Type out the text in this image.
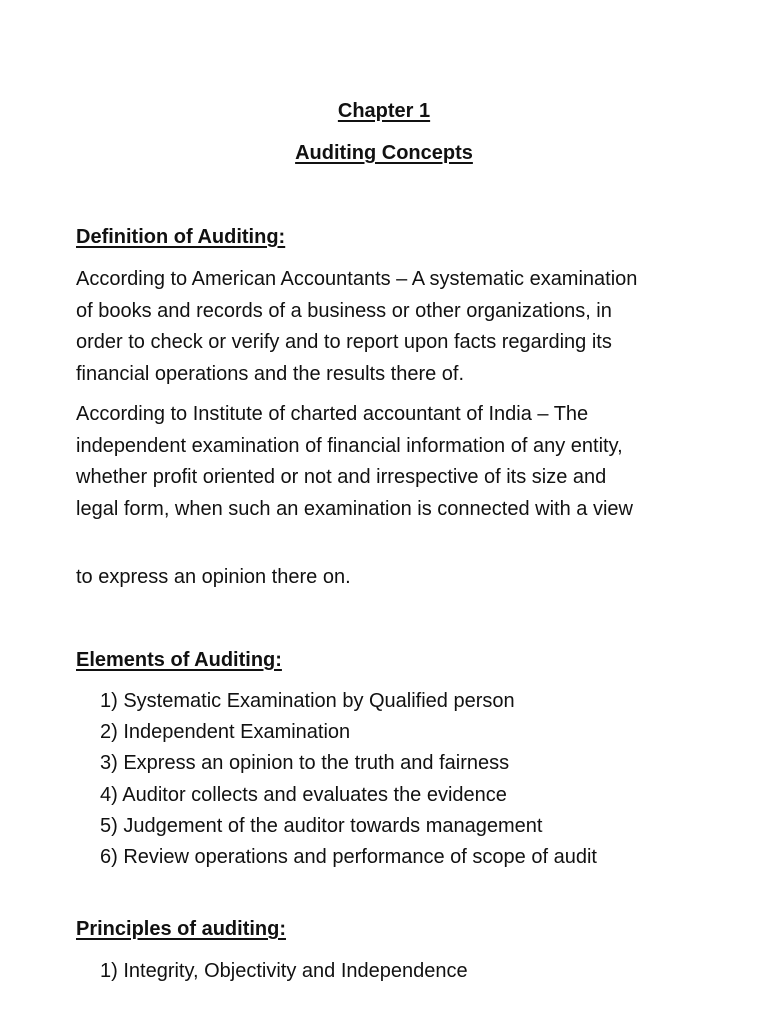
Chapter 1
Auditing Concepts
Definition of Auditing:
According to American Accountants – A systematic examination
of books and records of a business or other organizations, in
order to check or verify and to report upon facts regarding its
financial operations and the results there of.
According to Institute of charted accountant of India – The
independent examination of financial information of any entity,
whether profit oriented or not and irrespective of its size and
legal form, when such an examination is connected with a view
to express an opinion there on.
Elements of Auditing:
1) Systematic Examination by Qualified person
2) Independent Examination
3) Express an opinion to the truth and fairness
4) Auditor collects and evaluates the evidence
5) Judgement of the auditor towards management
6) Review operations and performance of scope of audit
Principles of auditing:
1) Integrity, Objectivity and Independence
